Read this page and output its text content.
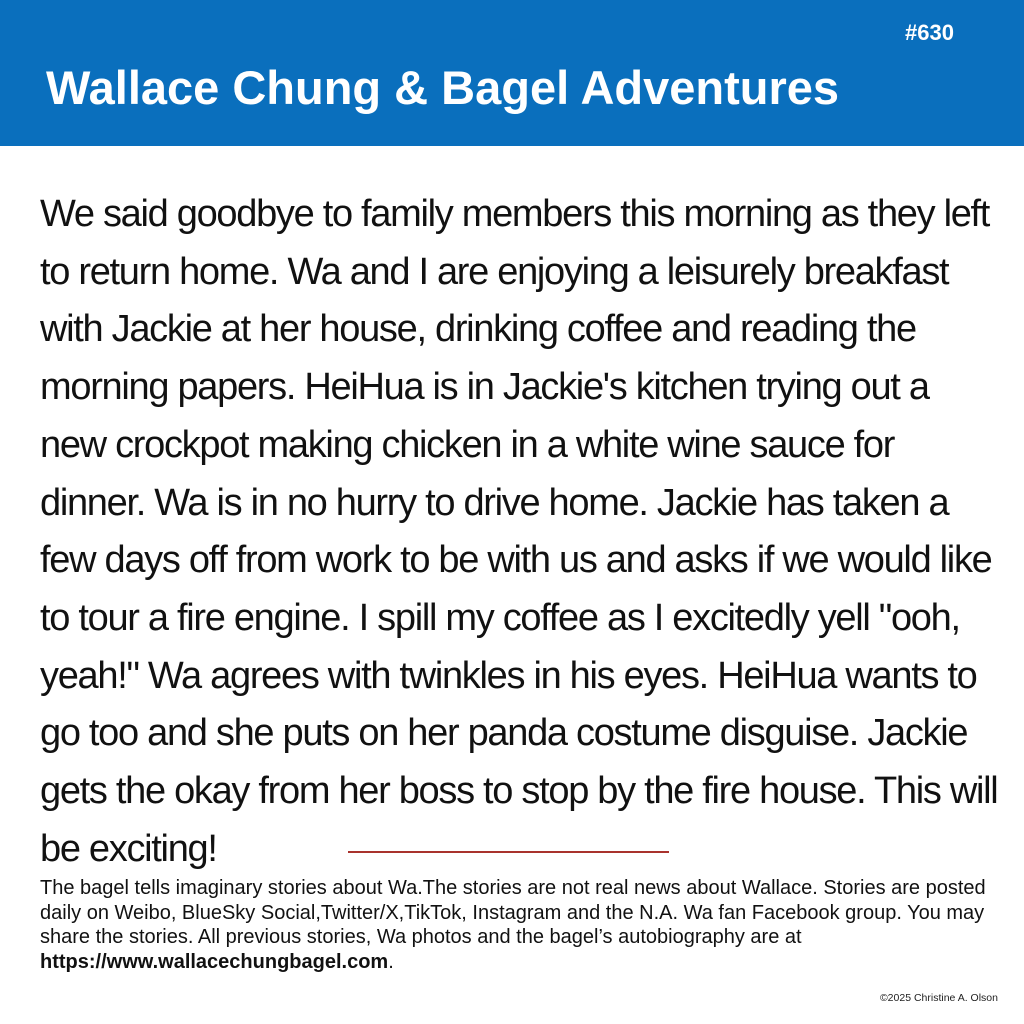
#630
Wallace Chung & Bagel Adventures

We said goodbye to family members this morning as they left to return home. Wa and I are enjoying a leisurely breakfast with Jackie at her house, drinking coffee and reading the morning papers. HeiHua is in Jackie's kitchen trying out a new crockpot making chicken in a white wine sauce for dinner. Wa is in no hurry to drive home. Jackie has taken a few days off from work to be with us and asks if we would like to tour a fire engine. I spill my coffee as I excitedly yell "ooh, yeah!" Wa agrees with twinkles in his eyes. HeiHua wants to go too and she puts on her panda costume disguise. Jackie gets the okay from her boss to stop by the fire house. This will be exciting!

The bagel tells imaginary stories about Wa.The stories are not real news about Wallace. Stories are posted daily on Weibo, BlueSky Social,Twitter/X,TikTok, Instagram and the N.A. Wa fan Facebook group. You may share the stories. All previous stories, Wa photos and the bagel’s autobiography are at https://www.wallacechungbagel.com.

©2025 Christine A. Olson
